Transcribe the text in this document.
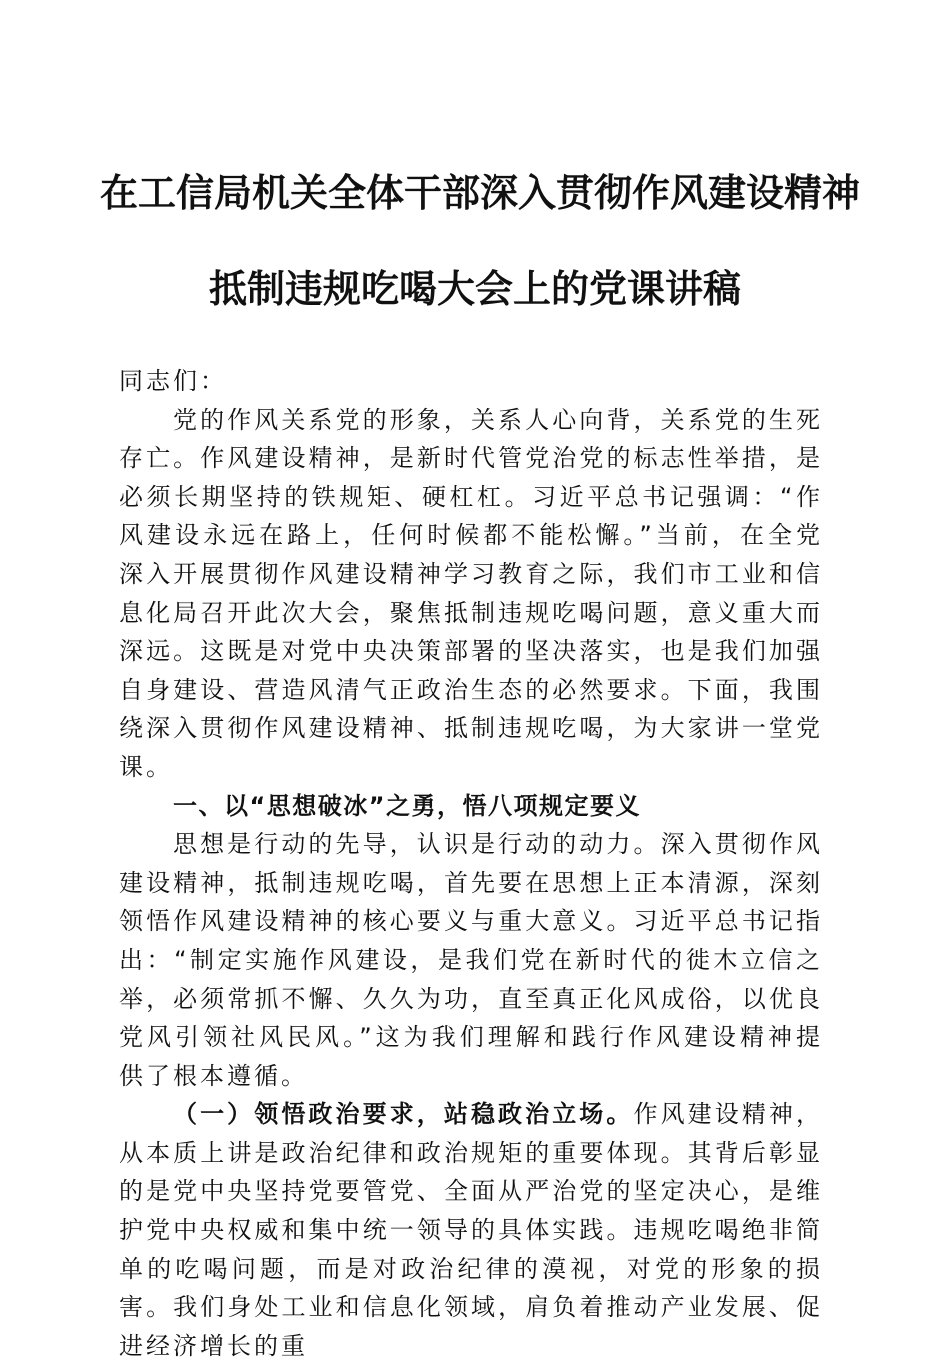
在工信局机关全体干部深入贯彻作风建设精神
抵制违规吃喝大会上的党课讲稿

同志们：

党的作风关系党的形象，关系人心向背，关系党的生死存亡。作风建设精神，是新时代管党治党的标志性举措，是必须长期坚持的铁规矩、硬杠杠。习近平总书记强调：“作风建设永远在路上，任何时候都不能松懈。”当前，在全党深入开展贯彻作风建设精神学习教育之际，我们市工业和信息化局召开此次大会，聚焦抵制违规吃喝问题，意义重大而深远。这既是对党中央决策部署的坚决落实，也是我们加强自身建设、营造风清气正政治生态的必然要求。下面，我围绕深入贯彻作风建设精神、抵制违规吃喝，为大家讲一堂党课。

一、以“思想破冰”之勇，悟八项规定要义

思想是行动的先导，认识是行动的动力。深入贯彻作风建设精神，抵制违规吃喝，首先要在思想上正本清源，深刻领悟作风建设精神的核心要义与重大意义。习近平总书记指出：“制定实施作风建设，是我们党在新时代的徙木立信之举，必须常抓不懈、久久为功，直至真正化风成俗，以优良党风引领社风民风。”这为我们理解和践行作风建设精神提供了根本遵循。

（一）领悟政治要求，站稳政治立场。作风建设精神，从本质上讲是政治纪律和政治规矩的重要体现。其背后彰显的是党中央坚持党要管党、全面从严治党的坚定决心，是维护党中央权威和集中统一领导的具体实践。违规吃喝绝非简单的吃喝问题，而是对政治纪律的漠视，对党的形象的损害。我们身处工业和信息化领域，肩负着推动产业发展、促进经济增长的重
